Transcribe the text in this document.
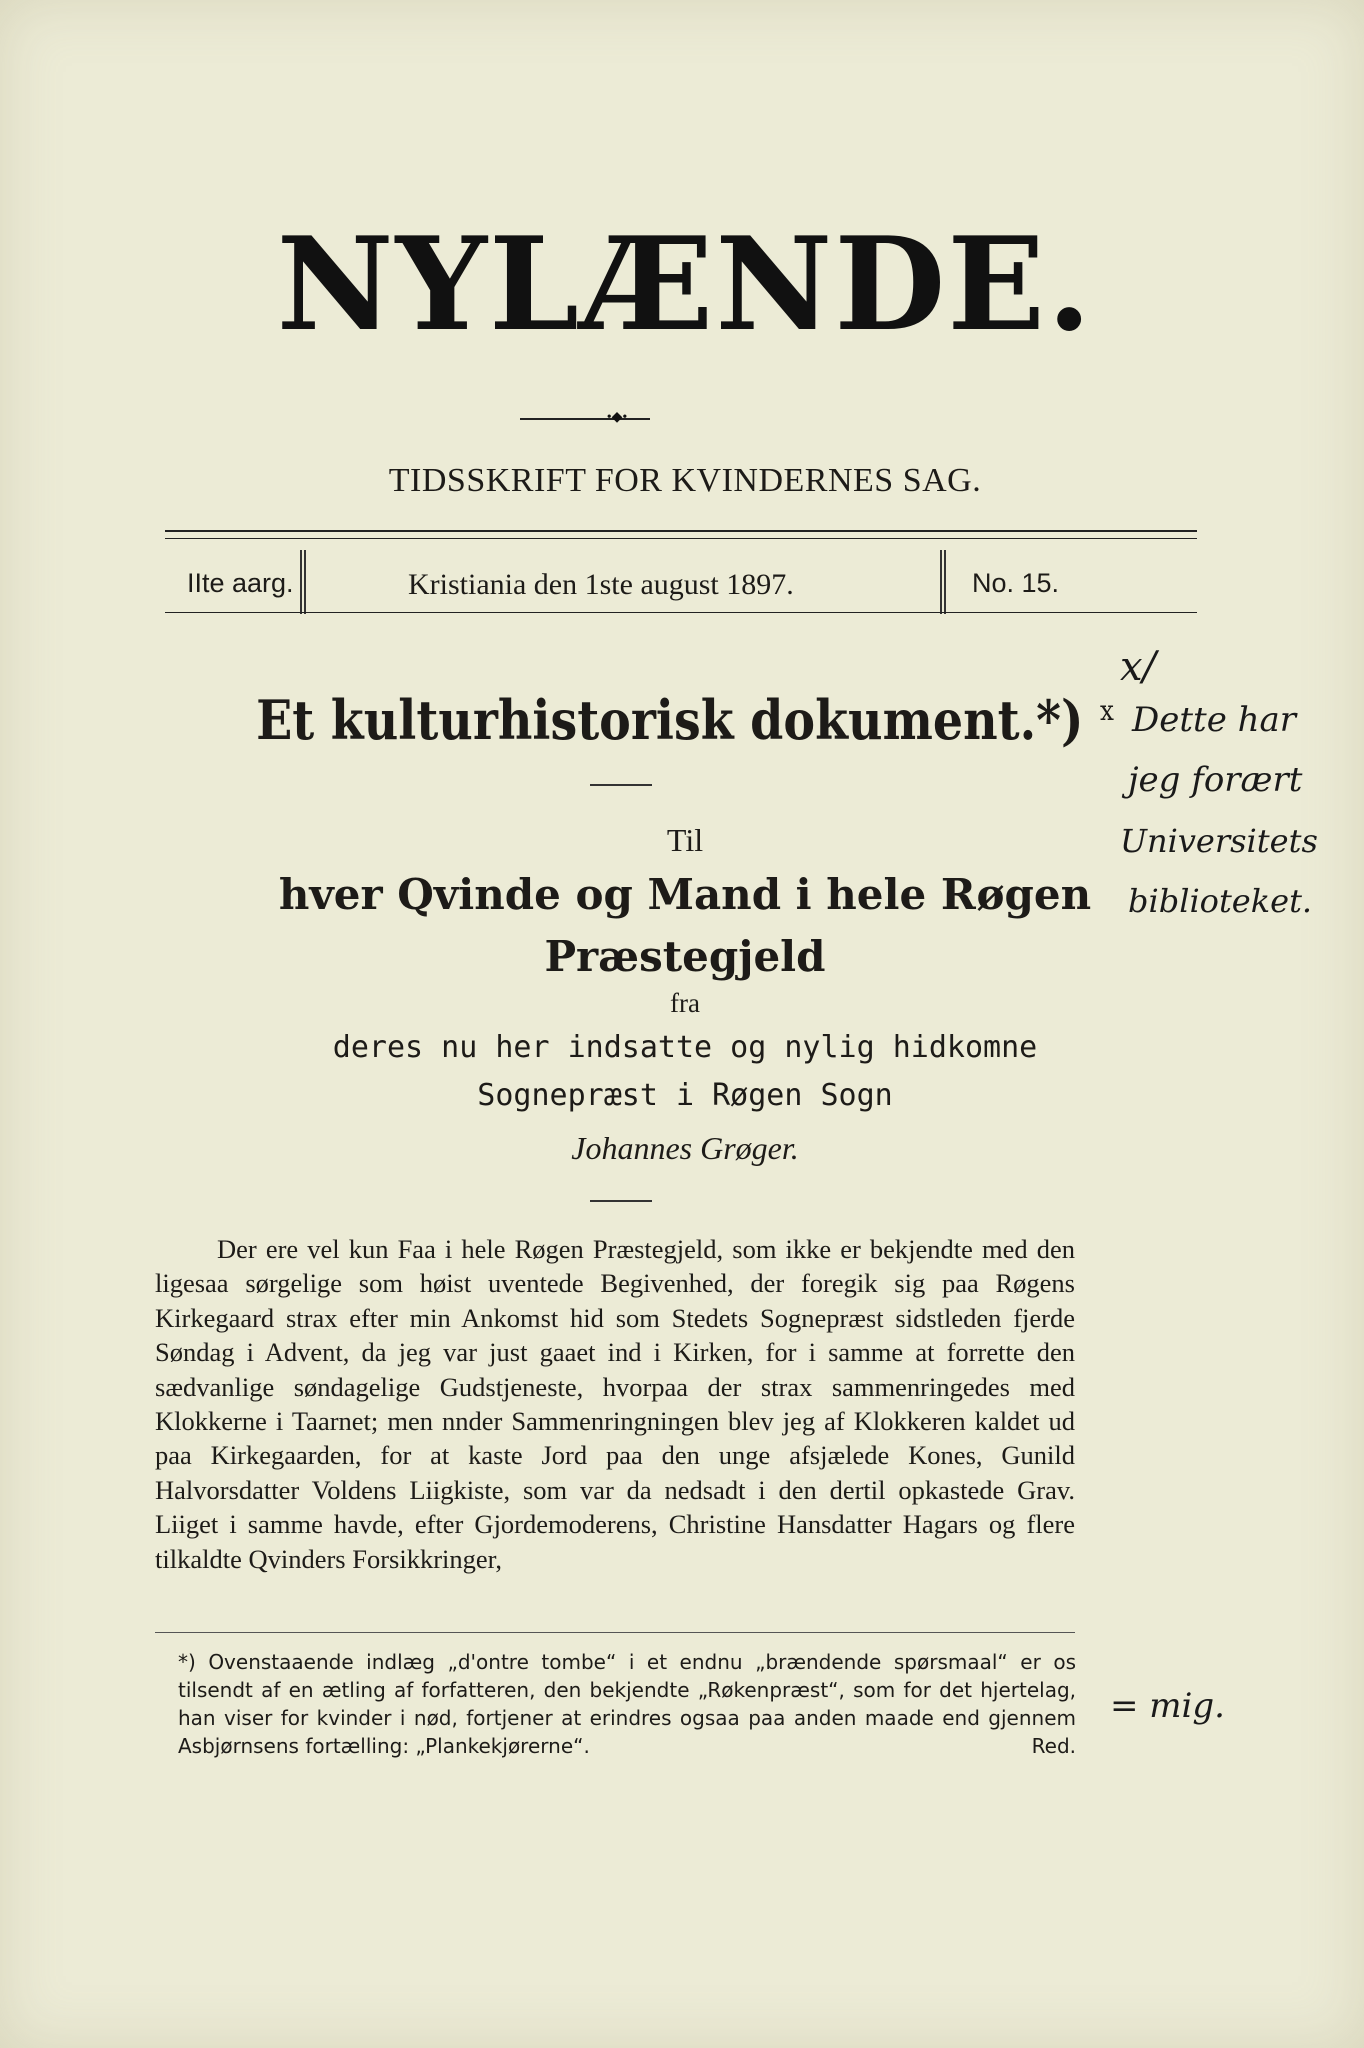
NYLÆNDE.
•◆•
TIDSSKRIFT FOR KVINDERNES SAG.
IIte aarg.	Kristiania den 1ste august 1897.	No. 15.
Et kulturhistorisk dokument.*) $^x$
Til
hver Qvinde og Mand i hele Røgen
Præstegjeld
fra
deres nu her indsatte og nylig hidkomne
Sognepræst i Røgen Sogn
Johannes Grøger.

Der ere vel kun Faa i hele Røgen Præstegjeld, som ikke er bekjendte med den ligesaa sørgelige som høist uventede Begivenhed, der foregik sig paa Røgens Kirkegaard strax efter min Ankomst hid som Stedets Sognepræst sidstleden fjerde Søndag i Advent, da jeg var just gaaet ind i Kirken, for i samme at forrette den sædvanlige søndagelige Gudstjeneste, hvorpaa der strax sammenringedes med Klokkerne i Taarnet; men nnder Sammenringningen blev jeg af Klokkeren kaldet ud paa Kirkegaarden, for at kaste Jord paa den unge afsjælede Kones, Gunild Halvorsdatter Voldens Liigkiste, som var da nedsadt i den dertil opkastede Grav. Liiget i samme havde, efter Gjordemoderens, Christine Hansdatter Hagars og flere tilkaldte Qvinders Forsikkringer,

*) Ovenstaaende indlæg „d'ontre tombe“ i et endnu „brændende spørsmaal“ er os tilsendt af en ætling af forfatteren, den bekjendte „Røkenpræst“, som for det hjertelag, han viser for kvinder i nød, fortjener at erindres ogsaa paa anden maade end gjennem Asbjørnsens fortælling: „Plankekjørerne“.	Red.
x/
Dette har
jeg forært
Universitets
biblioteket.
= mig.
